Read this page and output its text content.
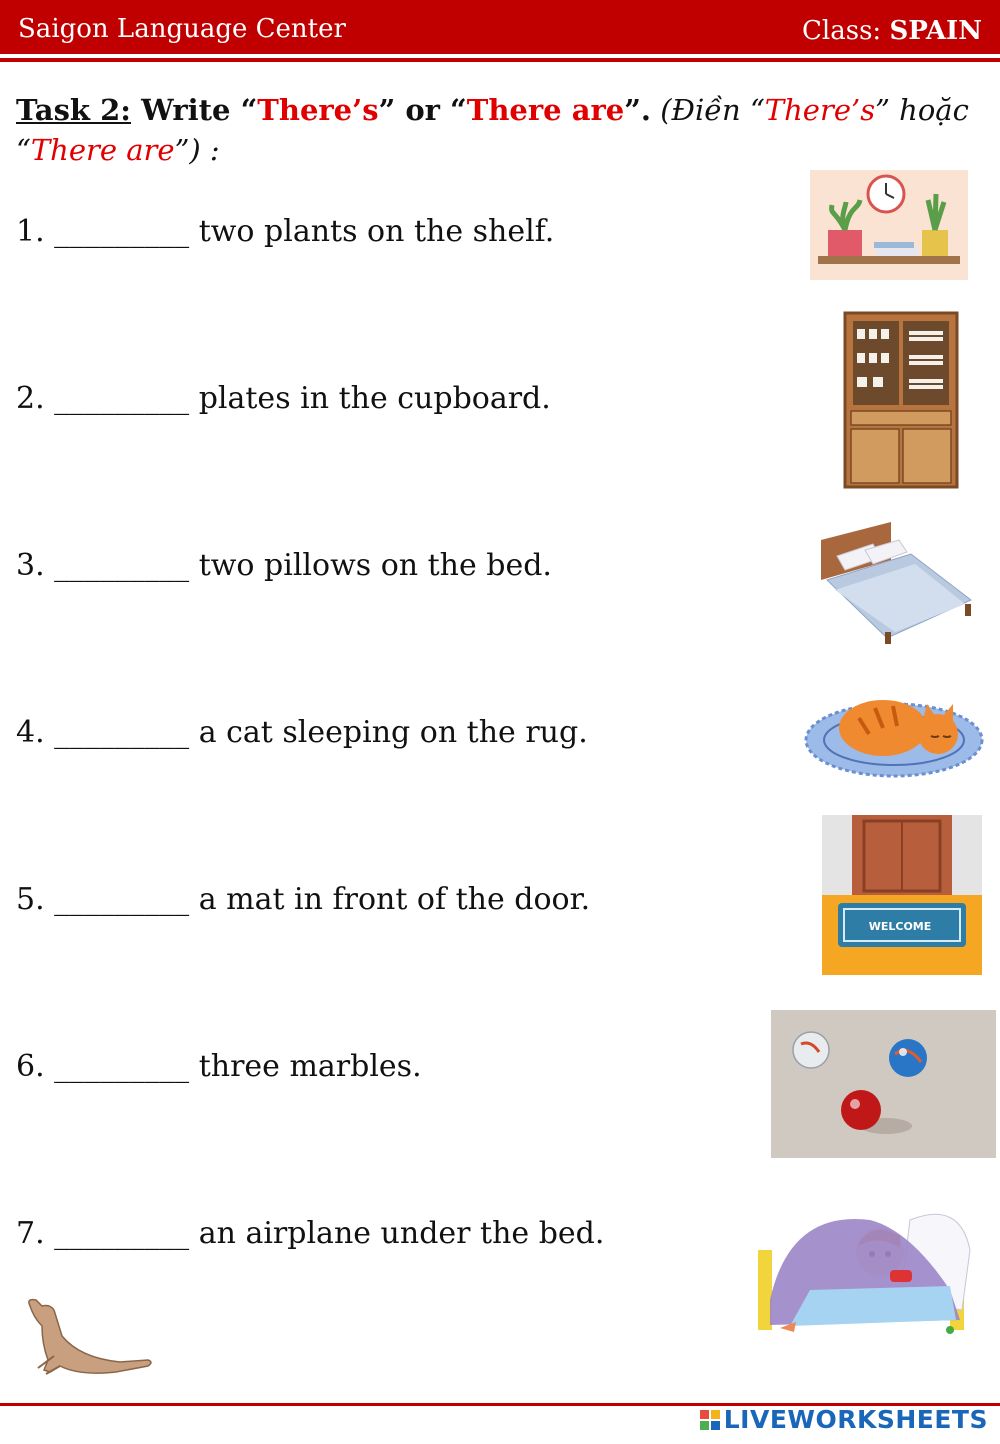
Saigon Language Center	Class: SPAIN
Task 2: Write “There’s” or “There are”. (Điền “There’s” hoặc “There are”) :
1. _________ two plants on the shelf.
2. _________ plates in the cupboard.
3. _________ two pillows on the bed.
4. _________ a cat sleeping on the rug.
5. _________ a mat in front of the door.
6. _________ three marbles.
7. _________ an airplane under the bed.
WELCOME
LIVEWORKSHEETS
